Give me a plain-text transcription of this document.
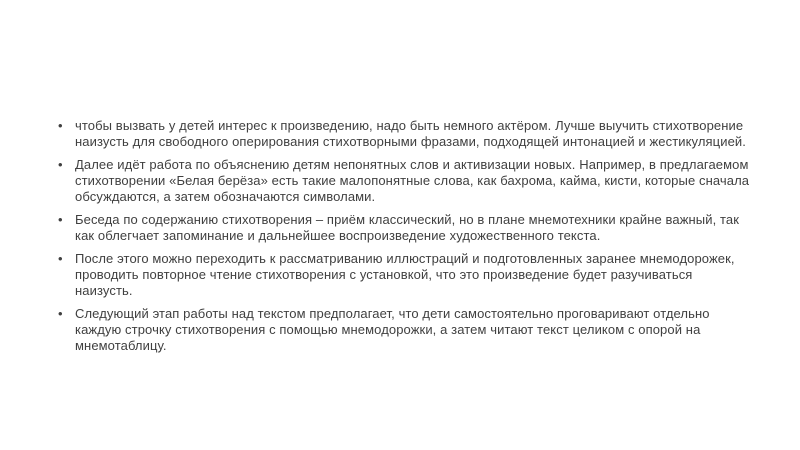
• чтобы вызвать у детей интерес к произведению, надо быть немного актёром. Лучше выучить стихотворение наизусть для свободного оперирования стихотворными фразами, подходящей интонацией и жестикуляцией.
• Далее идёт работа по объяснению детям непонятных слов и активизации новых. Например, в предлагаемом стихотворении «Белая берёза» есть такие малопонятные слова, как бахрома, кайма, кисти, которые сначала обсуждаются, а затем обозначаются символами.
• Беседа по содержанию стихотворения – приём классический, но в плане мнемотехники крайне важный, так как облегчает запоминание и дальнейшее воспроизведение художественного текста.
• После этого можно переходить к рассматриванию иллюстраций и подготовленных заранее мнемодорожек, проводить повторное чтение стихотворения с установкой, что это произведение будет разучиваться наизусть.
• Следующий этап работы над текстом предполагает, что дети самостоятельно проговаривают отдельно каждую строчку стихотворения с помощью мнемодорожки, а затем читают текст целиком с опорой на мнемотаблицу.
